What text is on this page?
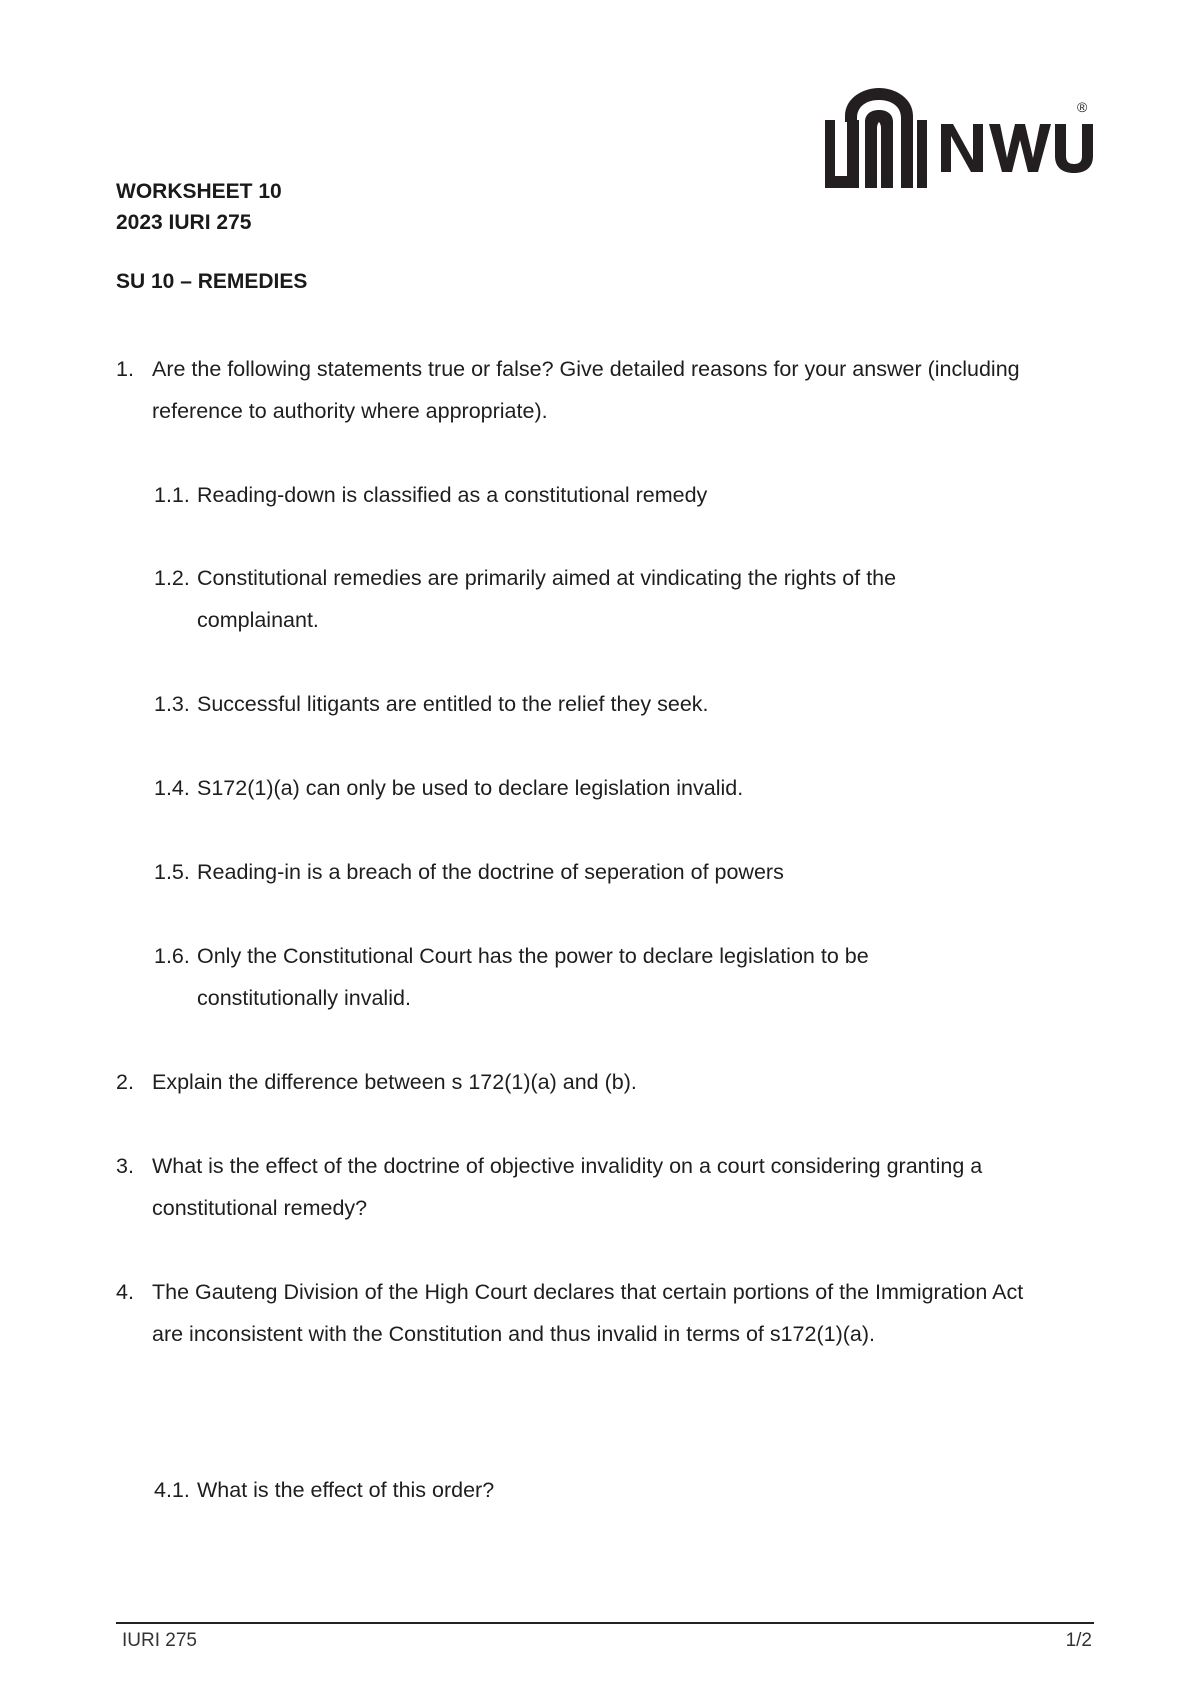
®
WORKSHEET 10
2023 IURI 275
SU 10 – REMEDIES
1. Are the following statements true or false? Give detailed reasons for your answer (including reference to authority where appropriate).
1.1. Reading-down is classified as a constitutional remedy
1.2. Constitutional remedies are primarily aimed at vindicating the rights of the complainant.
1.3. Successful litigants are entitled to the relief they seek.
1.4. S172(1)(a) can only be used to declare legislation invalid.
1.5. Reading-in is a breach of the doctrine of seperation of powers
1.6. Only the Constitutional Court has the power to declare legislation to be constitutionally invalid.
2. Explain the difference between s 172(1)(a) and (b).
3. What is the effect of the doctrine of objective invalidity on a court considering granting a constitutional remedy?
4. The Gauteng Division of the High Court declares that certain portions of the Immigration Act are inconsistent with the Constitution and thus invalid in terms of s172(1)(a).
4.1. What is the effect of this order?
IURI 275	1/2
